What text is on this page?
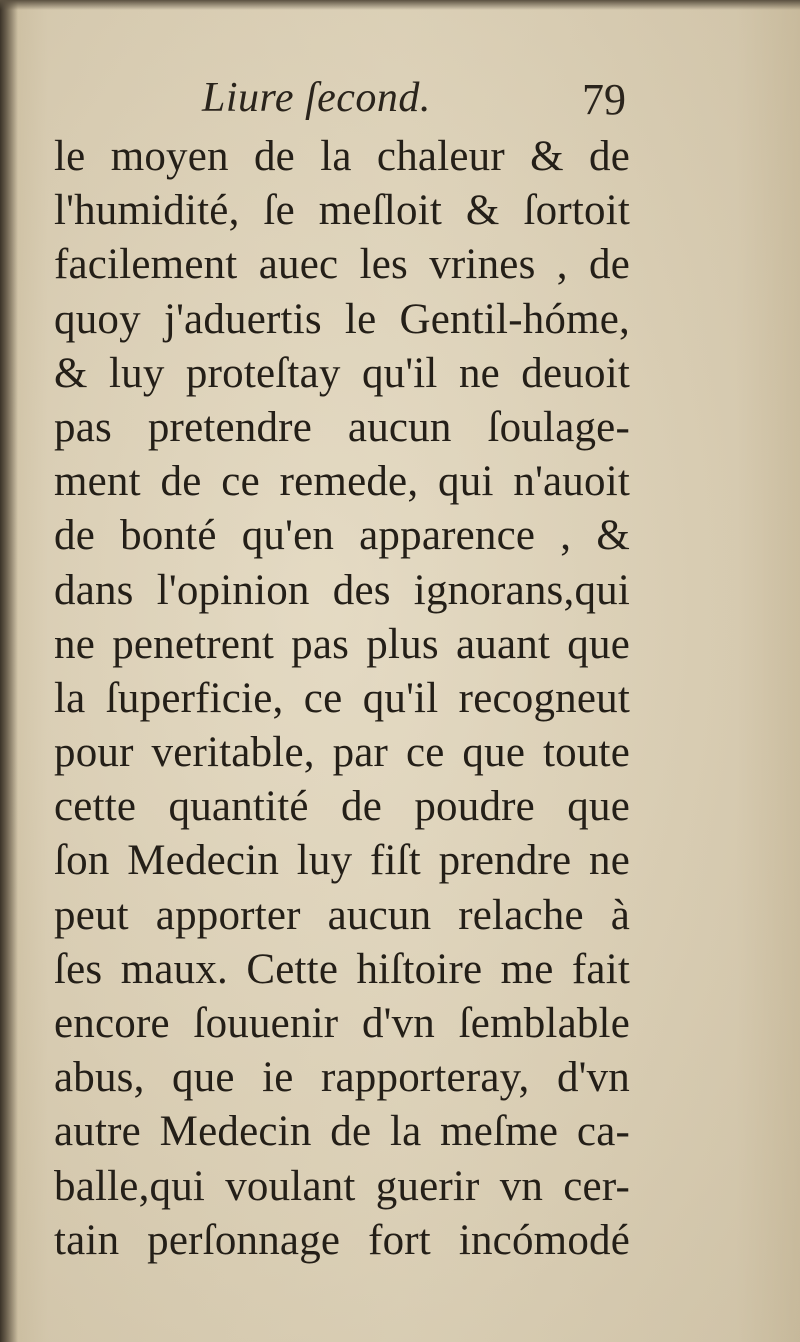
Liure ſecond.	79
le moyen de la chaleur & de
l'humidité, ſe meſloit & ſortoit
facilement auec les vrines , de
quoy j'aduertis le Gentil-hóme,
& luy proteſtay qu'il ne deuoit
pas pretendre aucun ſoulage-
ment de ce remede, qui n'auoit
de bonté qu'en apparence , &
dans l'opinion des ignorans,qui
ne penetrent pas plus auant que
la ſuperficie, ce qu'il recogneut
pour veritable, par ce que toute
cette quantité de poudre que
ſon Medecin luy fiſt prendre ne
peut apporter aucun relache à
ſes maux. Cette hiſtoire me fait
encore ſouuenir d'vn ſemblable
abus, que ie rapporteray, d'vn
autre Medecin de la meſme ca-
balle,qui voulant guerir vn cer-
tain perſonnage fort incómodé
